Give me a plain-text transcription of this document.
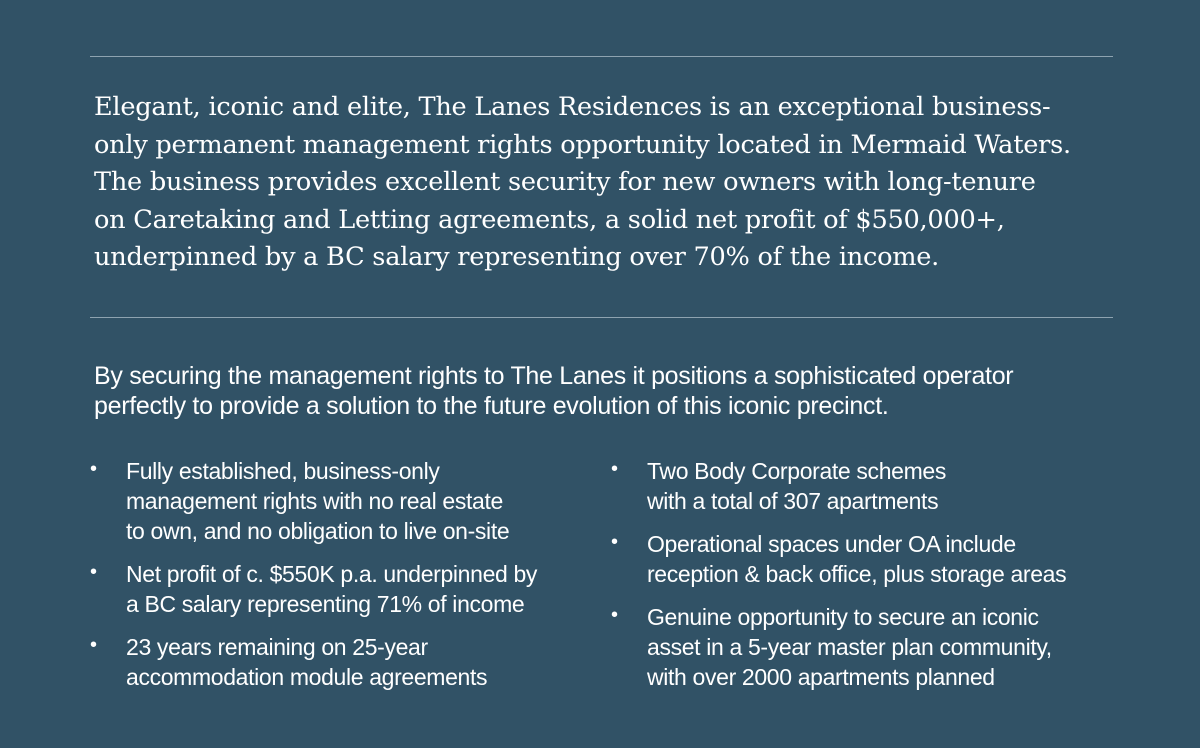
Elegant, iconic and elite, The Lanes Residences is an exceptional business-
only permanent management rights opportunity located in Mermaid Waters.
The business provides excellent security for new owners with long-tenure
on Caretaking and Letting agreements, a solid net profit of $550,000+,
underpinned by a BC salary representing over 70% of the income.

By securing the management rights to The Lanes it positions a sophisticated operator
perfectly to provide a solution to the future evolution of this iconic precinct.

• Fully established, business-only
management rights with no real estate
to own, and no obligation to live on-site
• Net profit of c. $550K p.a. underpinned by
a BC salary representing 71% of income
• 23 years remaining on 25-year
accommodation module agreements
• Two Body Corporate schemes
with a total of 307 apartments
• Operational spaces under OA include
reception & back office, plus storage areas
• Genuine opportunity to secure an iconic
asset in a 5-year master plan community,
with over 2000 apartments planned
